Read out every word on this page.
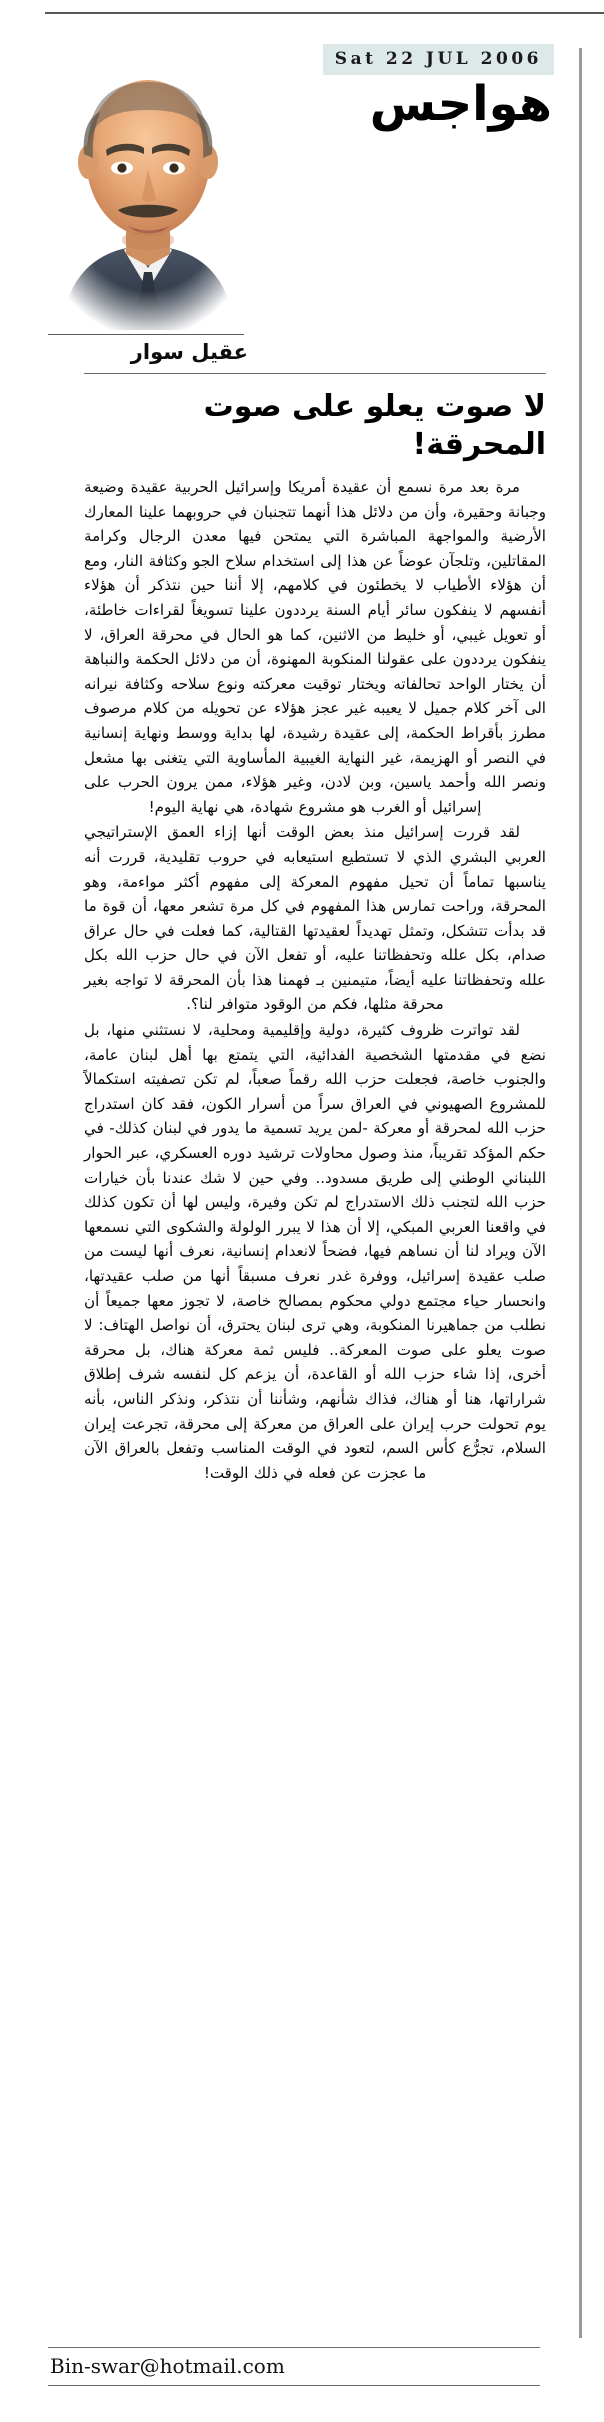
Sat 22 JUL 2006
هواجس
عقيل سوار
لا صوت يعلو على صوت المحرقة!

مرة بعد مرة نسمع أن عقيدة أمريكا وإسرائيل الحربية عقيدة وضيعة وجبانة وحقيرة، وأن من دلائل هذا أنهما تتجنبان في حروبهما علينا المعارك الأرضية والمواجهة المباشرة التي يمتحن فيها معدن الرجال وكرامة المقاتلين، وتلجآن عوضاً عن هذا إلى استخدام سلاح الجو وكثافة النار، ومع أن هؤلاء الأطياب لا يخطئون في كلامهم، إلا أننا حين نتذكر أن هؤلاء أنفسهم لا ينفكون سائر أيام السنة يرددون علينا تسويغاً لقراءات خاطئة، أو تعويل غيبي، أو خليط من الاثنين، كما هو الحال في محرقة العراق، لا ينفكون يرددون على عقولنا المنكوبة المهنوة، أن من دلائل الحكمة والنباهة أن يختار الواحد تحالفاته ويختار توقيت معركته ونوع سلاحه وكثافة نيرانه الى آخر كلام جميل لا يعيبه غير عجز هؤلاء عن تحويله من كلام مرصوف مطرز بأقراط الحكمة، إلى عقيدة رشيدة، لها بداية ووسط ونهاية إنسانية في النصر أو الهزيمة، غير النهاية الغيبية المأساوية التي يتغنى بها مشعل ونصر الله وأحمد ياسين، وبن لادن، وغير هؤلاء، ممن يرون الحرب على إسرائيل أو الغرب هو مشروع شهادة، هي نهاية اليوم!

لقد قررت إسرائيل منذ بعض الوقت أنها إزاء العمق الإستراتيجي العربي البشري الذي لا تستطيع استيعابه في حروب تقليدية، قررت أنه يناسبها تماماً أن تحيل مفهوم المعركة إلى مفهوم أكثر مواءمة، وهو المحرقة، وراحت تمارس هذا المفهوم في كل مرة تشعر معها، أن قوة ما قد بدأت تتشكل، وتمثل تهديداً لعقيدتها القتالية، كما فعلت في حال عراق صدام، بكل علله وتحفظاتنا عليه، أو تفعل الآن في حال حزب الله بكل علله وتحفظاتنا عليه أيضاً، متيمنين بـ فهمنا هذا بأن المحرقة لا تواجه بغير محرقة مثلها، فكم من الوقود متوافر لنا؟.

لقد تواترت ظروف كثيرة، دولية وإقليمية ومحلية، لا نستثني منها، بل نضع في مقدمتها الشخصية الفدائية، التي يتمتع بها أهل لبنان عامة، والجنوب خاصة، فجعلت حزب الله رقماً صعباً، لم تكن تصفيته استكمالاً للمشروع الصهيوني في العراق سراً من أسرار الكون، فقد كان استدراج حزب الله لمحرقة أو معركة -لمن يريد تسمية ما يدور في لبنان كذلك- في حكم المؤكد تقريباً، منذ وصول محاولات ترشيد دوره العسكري، عبر الحوار اللبناني الوطني إلى طريق مسدود.. وفي حين لا شك عندنا بأن خيارات حزب الله لتجنب ذلك الاستدراج لم تكن وفيرة، وليس لها أن تكون كذلك في واقعنا العربي المبكي، إلا أن هذا لا يبرر الولولة والشكوى التي نسمعها الآن ويراد لنا أن نساهم فيها، فضحاً لانعدام إنسانية، نعرف أنها ليست من صلب عقيدة إسرائيل، ووفرة غدر نعرف مسبقاً أنها من صلب عقيدتها، وانحسار حياء مجتمع دولي محكوم بمصالح خاصة، لا تجوز معها جميعاً أن نطلب من جماهيرنا المنكوبة، وهي ترى لبنان يحترق، أن نواصل الهتاف: لا صوت يعلو على صوت المعركة.. فليس ثمة معركة هناك، بل محرقة أخرى، إذا شاء حزب الله أو القاعدة، أن يزعم كل لنفسه شرف إطلاق شراراتها، هنا أو هناك، فذاك شأنهم، وشأننا أن نتذكر، ونذكر الناس، بأنه يوم تحولت حرب إيران على العراق من معركة إلى محرقة، تجرعت إيران السلام، تجرُّع كأس السم، لتعود في الوقت المناسب وتفعل بالعراق الآن ما عجزت عن فعله في ذلك الوقت!

Bin-swar@hotmail.com
